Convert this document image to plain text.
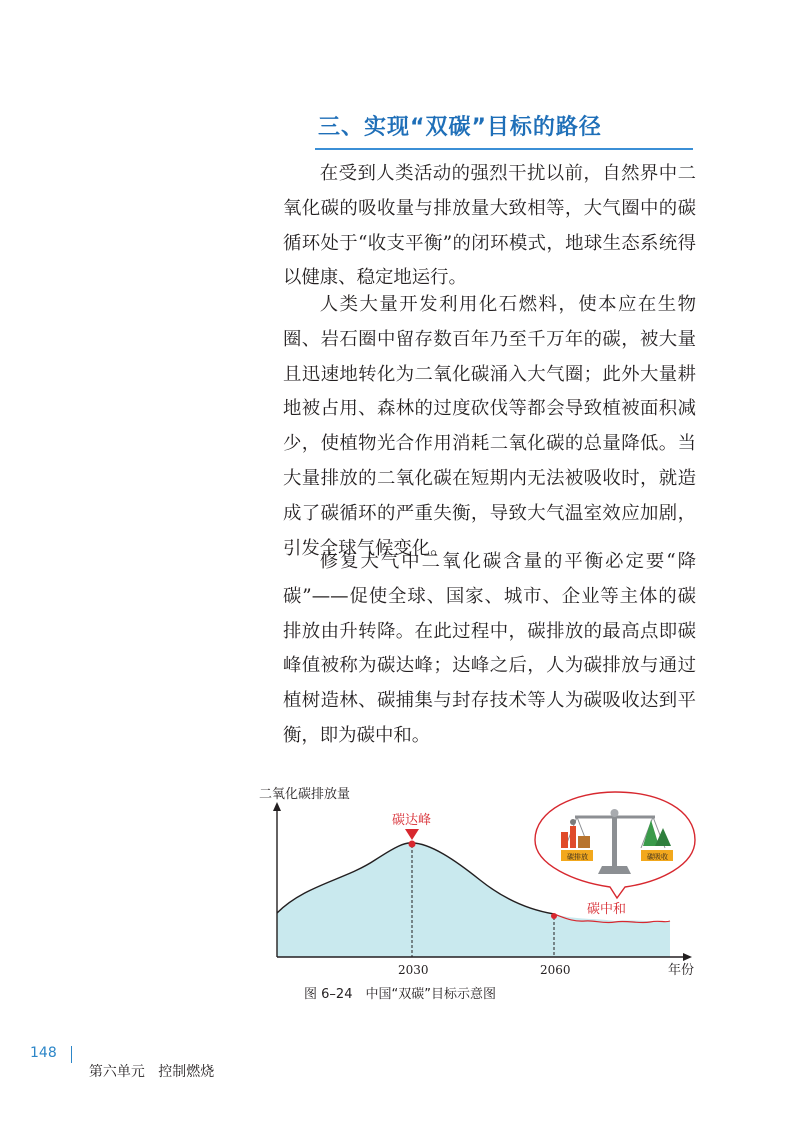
三、实现“双碳”目标的路径

在受到人类活动的强烈干扰以前，自然界中二氧化碳的吸收量与排放量大致相等，大气圈中的碳循环处于“收支平衡”的闭环模式，地球生态系统得以健康、稳定地运行。

人类大量开发利用化石燃料，使本应在生物圈、岩石圈中留存数百年乃至千万年的碳，被大量且迅速地转化为二氧化碳涌入大气圈；此外大量耕地被占用、森林的过度砍伐等都会导致植被面积减少，使植物光合作用消耗二氧化碳的总量降低。当大量排放的二氧化碳在短期内无法被吸收时，就造成了碳循环的严重失衡，导致大气温室效应加剧，引发全球气候变化。

修复大气中二氧化碳含量的平衡必定要“降碳”——促使全球、国家、城市、企业等主体的碳排放由升转降。在此过程中，碳排放的最高点即碳峰值被称为碳达峰；达峰之后，人为碳排放与通过植树造林、碳捕集与封存技术等人为碳吸收达到平衡，即为碳中和。

二氧化碳排放量
碳达峰
碳中和
2030	2060	年份
碳排放	碳吸收
图 6–24　中国“双碳”目标示意图
148

第六单元 控制燃烧
